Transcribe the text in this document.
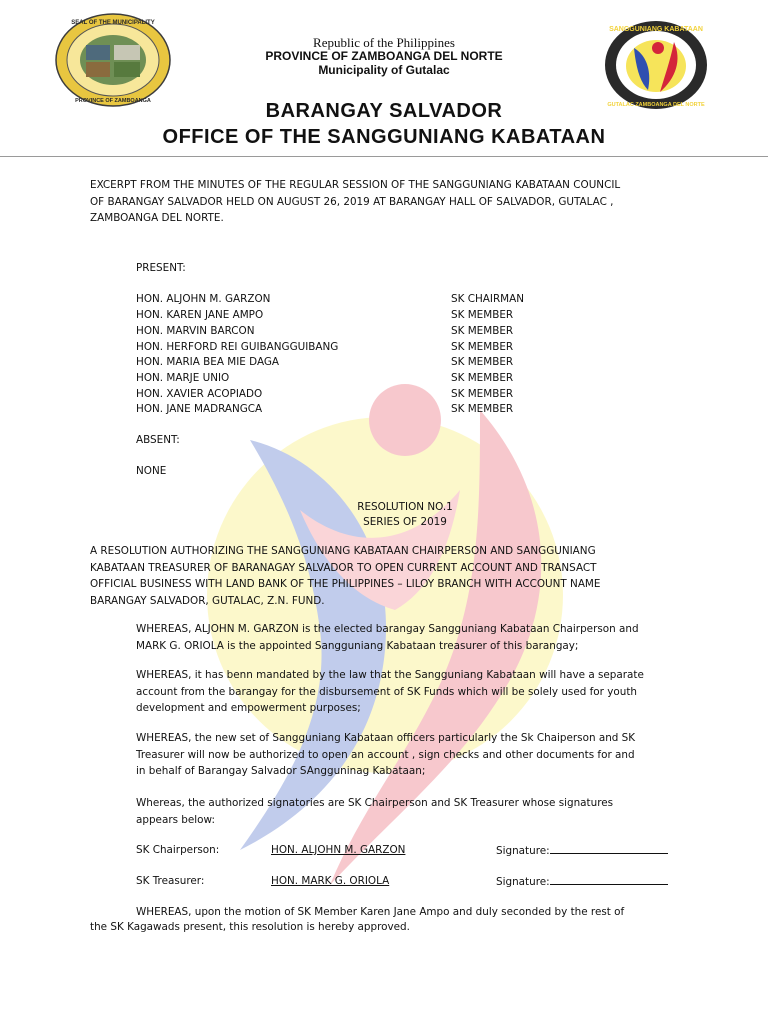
SEAL OF THE MUNICIPALITY
PROVINCE OF ZAMBOANGA
SANGGUNIANG KABATAAN
GUTALAC ZAMBOANGA DEL NORTE
Republic of the Philippines
PROVINCE OF ZAMBOANGA DEL NORTE
Municipality of Gutalac
BARANGAY SALVADOR
OFFICE OF THE SANGGUNIANG KABATAAN
EXCERPT FROM THE MINUTES OF THE REGULAR SESSION OF THE SANGGUNIANG KABATAAN COUNCIL
OF BARANGAY SALVADOR HELD ON AUGUST 26, 2019 AT BARANGAY HALL OF SALVADOR, GUTALAC ,
ZAMBOANGA DEL NORTE.
PRESENT:
HON. ALJOHN M. GARZON	SK CHAIRMAN
HON. KAREN JANE AMPO	SK MEMBER
HON. MARVIN BARCON	SK MEMBER
HON. HERFORD REI GUIBANGGUIBANG	SK MEMBER
HON. MARIA BEA MIE DAGA	SK MEMBER
HON. MARJE UNIO	SK MEMBER
HON. XAVIER ACOPIADO	SK MEMBER
HON. JANE MADRANGCA	SK MEMBER
ABSENT:
NONE
RESOLUTION NO.1
SERIES OF 2019
A RESOLUTION AUTHORIZING THE SANGGUNIANG KABATAAN CHAIRPERSON AND SANGGUNIANG
KABATAAN TREASURER OF BARANAGAY SALVADOR TO OPEN CURRENT ACCOUNT AND TRANSACT
OFFICIAL BUSINESS WITH LAND BANK OF THE PHILIPPINES – LILOY BRANCH WITH ACCOUNT NAME
BARANGAY SALVADOR, GUTALAC, Z.N. FUND.
WHEREAS, ALJOHN M. GARZON is the elected barangay Sangguniang Kabataan Chairperson and
MARK G. ORIOLA is the appointed Sangguniang Kabataan treasurer of this barangay;
WHEREAS, it has benn mandated by the law that the Sangguniang Kabataan will have a separate
account from the barangay for the disbursement of SK Funds which will be solely used for youth
development and empowerment purposes;
WHEREAS, the new set of Sangguniang Kabataan officers particularly the Sk Chaiperson and SK
Treasurer will now be authorized to open an account , sign checks and other documents for and
in behalf of Barangay Salvador SAngguninag Kabataan;
Whereas, the authorized signatories are SK Chairperson and SK Treasurer whose signatures
appears below:
SK Chairperson:	HON. ALJOHN M. GARZON	Signature:
SK Treasurer:	HON. MARK G. ORIOLA	Signature:
WHEREAS, upon the motion of SK Member Karen Jane Ampo and duly seconded by the rest of
the SK Kagawads present, this resolution is hereby approved.
